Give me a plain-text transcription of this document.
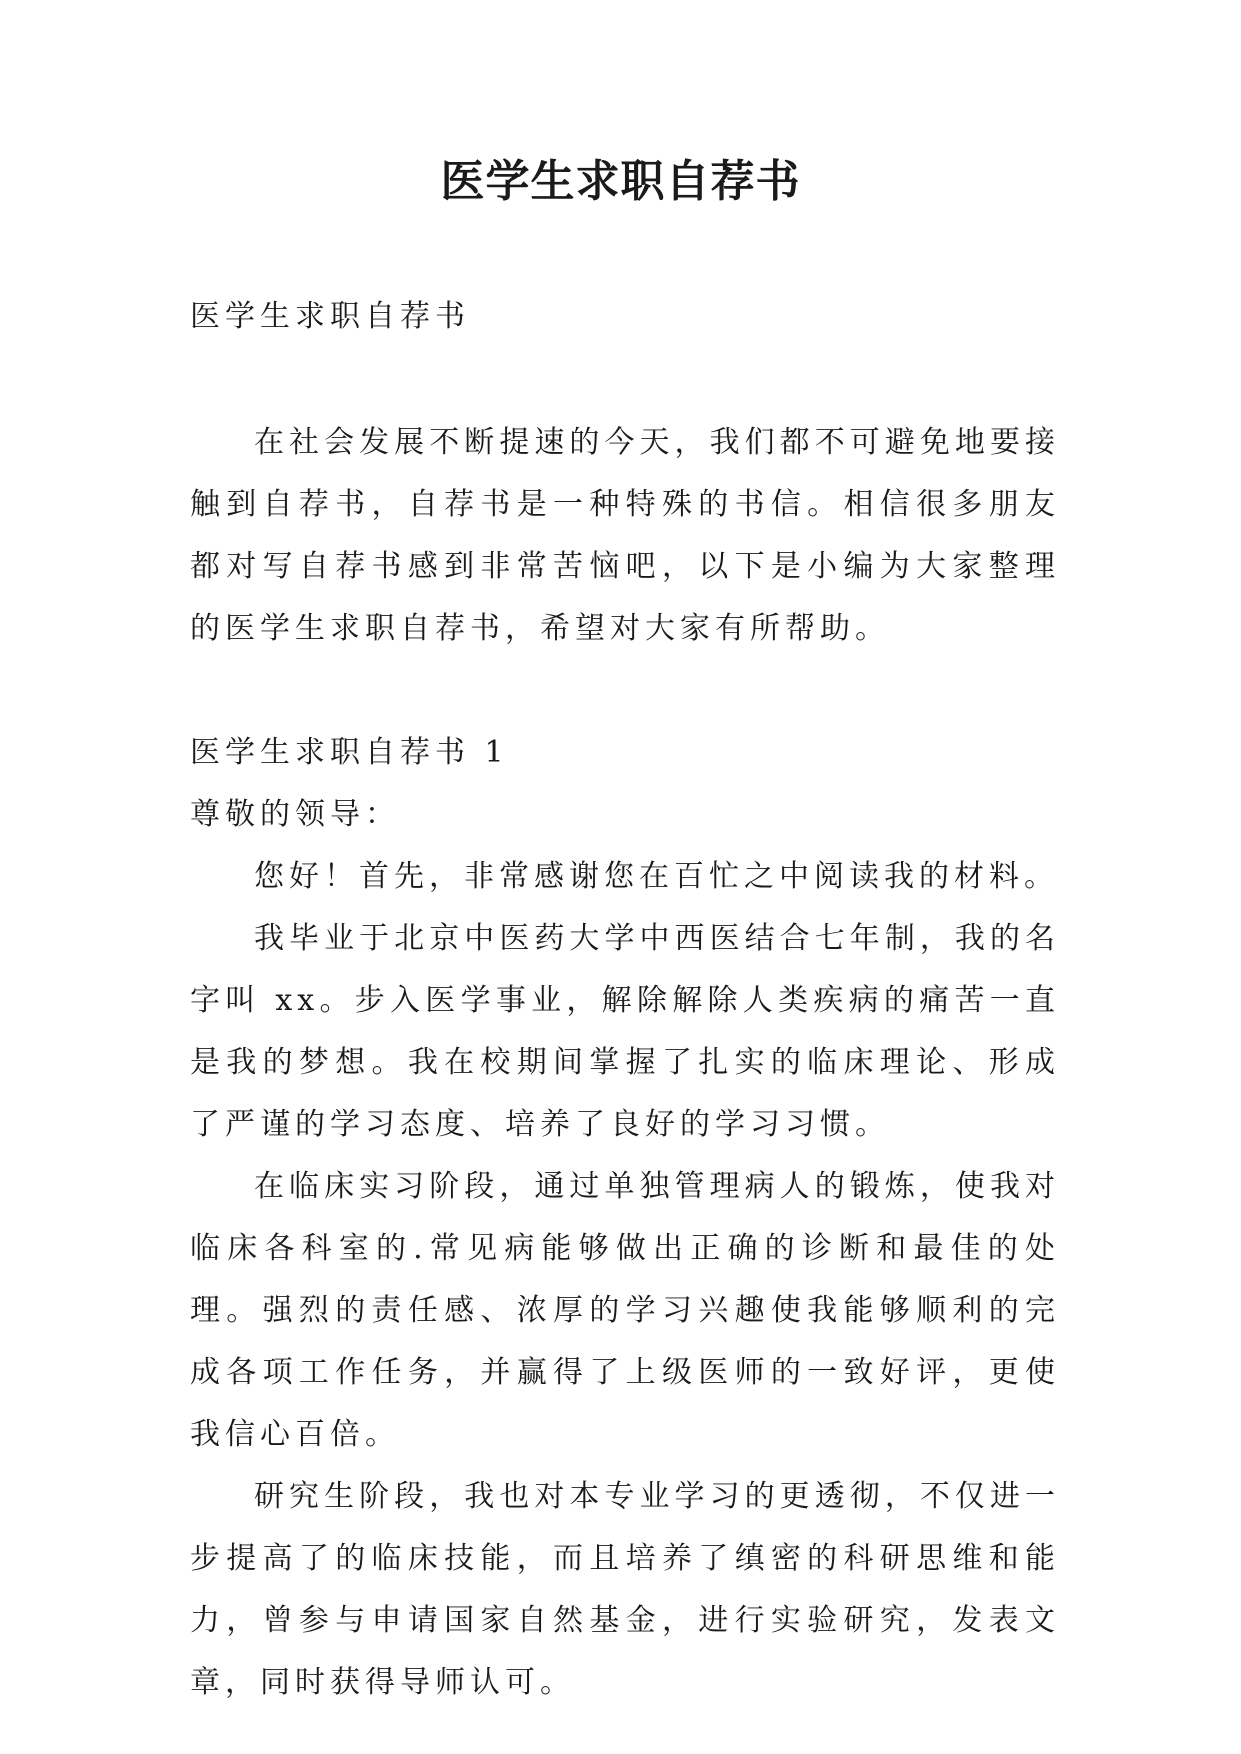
医学生求职自荐书

医学生求职自荐书

在社会发展不断提速的今天，我们都不可避免地要接触到自荐书，自荐书是一种特殊的书信。相信很多朋友都对写自荐书感到非常苦恼吧，以下是小编为大家整理的医学生求职自荐书，希望对大家有所帮助。

医学生求职自荐书 1

尊敬的领导：

您好！首先，非常感谢您在百忙之中阅读我的材料。

我毕业于北京中医药大学中西医结合七年制，我的名字叫 xx。步入医学事业，解除解除人类疾病的痛苦一直是我的梦想。我在校期间掌握了扎实的临床理论、形成了严谨的学习态度、培养了良好的学习习惯。

在临床实习阶段，通过单独管理病人的锻炼，使我对临床各科室的.常见病能够做出正确的诊断和最佳的处理。强烈的责任感、浓厚的学习兴趣使我能够顺利的完成各项工作任务，并赢得了上级医师的一致好评，更使我信心百倍。

研究生阶段，我也对本专业学习的更透彻，不仅进一步提高了的临床技能，而且培养了缜密的科研思维和能力，曾参与申请国家自然基金，进行实验研究，发表文章，同时获得导师认可。
